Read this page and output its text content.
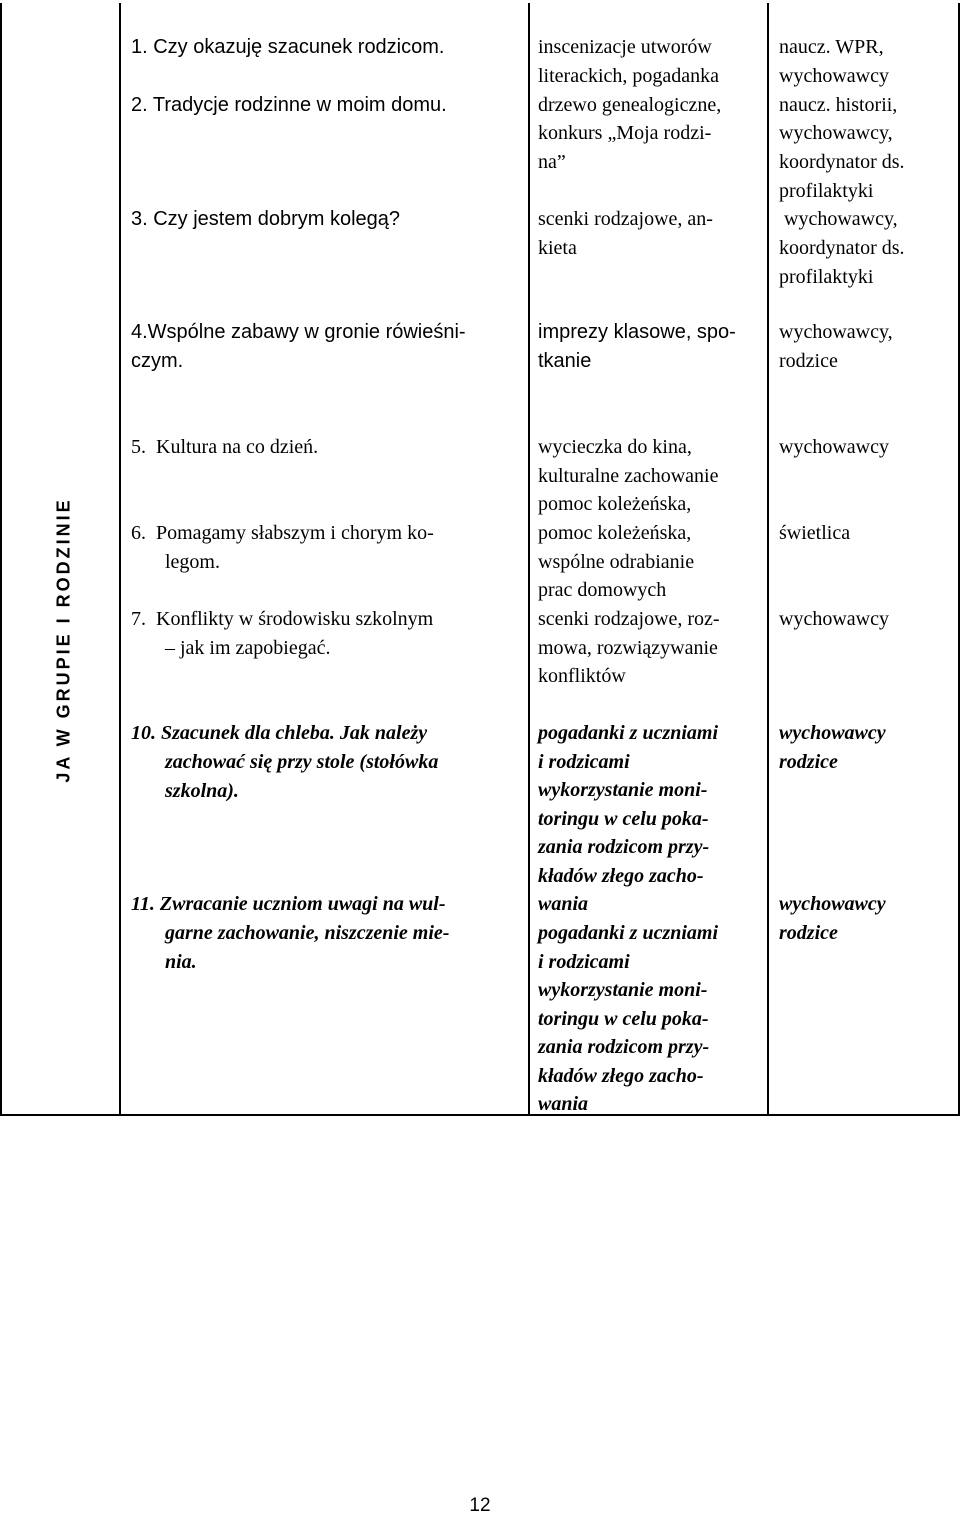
JA W GRUPIE I RODZINIE
1. Czy okazuję szacunek rodzicom.
2. Tradycje rodzinne w moim domu.
3. Czy jestem dobrym kolegą?
4.Wspólne zabawy w gronie rówieśni-
czym.
inscenizacje utworów
literackich, pogadanka
drzewo genealogiczne,
konkurs „Moja rodzi-
na”
scenki rodzajowe, an-
kieta
imprezy klasowe, spo-
tkanie
naucz. WPR,
wychowawcy
naucz. historii,
wychowawcy,
koordynator ds.
profilaktyki
wychowawcy,
koordynator ds.
profilaktyki
wychowawcy,
rodzice
5.  Kultura na co dzień.
6.  Pomagamy słabszym i chorym ko-
legom.
7.  Konflikty w środowisku szkolnym
– jak im zapobiegać.
10. Szacunek dla chleba. Jak należy
zachować się przy stole (stołówka
szkolna).
11. Zwracanie uczniom uwagi na wul-
garne zachowanie, niszczenie mie-
nia.
wycieczka do kina,
kulturalne zachowanie
pomoc koleżeńska,
pomoc koleżeńska,
wspólne odrabianie
prac domowych
scenki rodzajowe, roz-
mowa, rozwiązywanie
konfliktów
pogadanki z uczniami
i rodzicami
wykorzystanie moni-
toringu w celu poka-
zania rodzicom przy-
kładów złego zacho-
wania
pogadanki z uczniami
i rodzicami
wykorzystanie moni-
toringu w celu poka-
zania rodzicom przy-
kładów złego zacho-
wania
wychowawcy
świetlica
wychowawcy
wychowawcy
rodzice
wychowawcy
rodzice
12
